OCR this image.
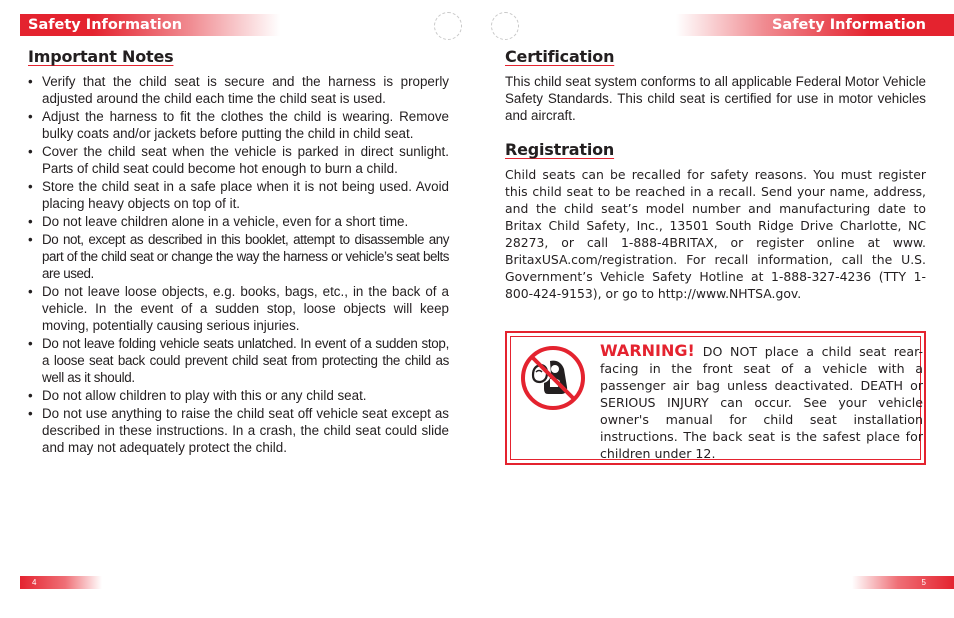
Safety Information	Safety Information
Important Notes
• Verify that the child seat is secure and the harness is properly adjusted around the child each time the child seat is used.
• Adjust the harness to fit the clothes the child is wearing. Remove bulky coats and/or jackets before putting the child in child seat.
• Cover the child seat when the vehicle is parked in direct sunlight. Parts of child seat could become hot enough to burn a child.
• Store the child seat in a safe place when it is not being used. Avoid placing heavy objects on top of it.
• Do not leave children alone in a vehicle, even for a short time.
• Do not, except as described in this booklet, attempt to disassemble any part of the child seat or change the way the harness or vehicle’s seat belts are used.
• Do not leave loose objects, e.g. books, bags, etc., in the back of a vehicle. In the event of a sudden stop, loose objects will keep moving, potentially causing serious injuries.
• Do not leave folding vehicle seats unlatched. In event of a sudden stop, a loose seat back could prevent child seat from protecting the child as well as it should.
• Do not allow children to play with this or any child seat.
• Do not use anything to raise the child seat off vehicle seat except as described in these instructions. In a crash, the child seat could slide and may not adequately protect the child.
Certification

This child seat system conforms to all applicable Federal Motor Vehicle Safety Standards. This child seat is certified for use in motor vehicles and aircraft.

Registration

Child seats can be recalled for safety reasons. You must register this child seat to be reached in a recall. Send your name, address, and the child seat’s model number and manufacturing date to Britax Child Safety, Inc., 13501 South Ridge Drive Charlotte, NC 28273, or call 1-888-4BRITAX, or register online at www. BritaxUSA.com/registration. For recall information, call the U.S. Government’s Vehicle Safety Hotline at 1-888-327-4236 (TTY 1-800-424-9153), or go to http://www.NHTSA.gov.

WARNING! DO NOT place a child seat rear-facing in the front seat of a vehicle with a passenger air bag unless deactivated. DEATH or SERIOUS INJURY can occur. See your vehicle owner's manual for child seat installation instructions. The back seat is the safest place for children under 12.

4	5
